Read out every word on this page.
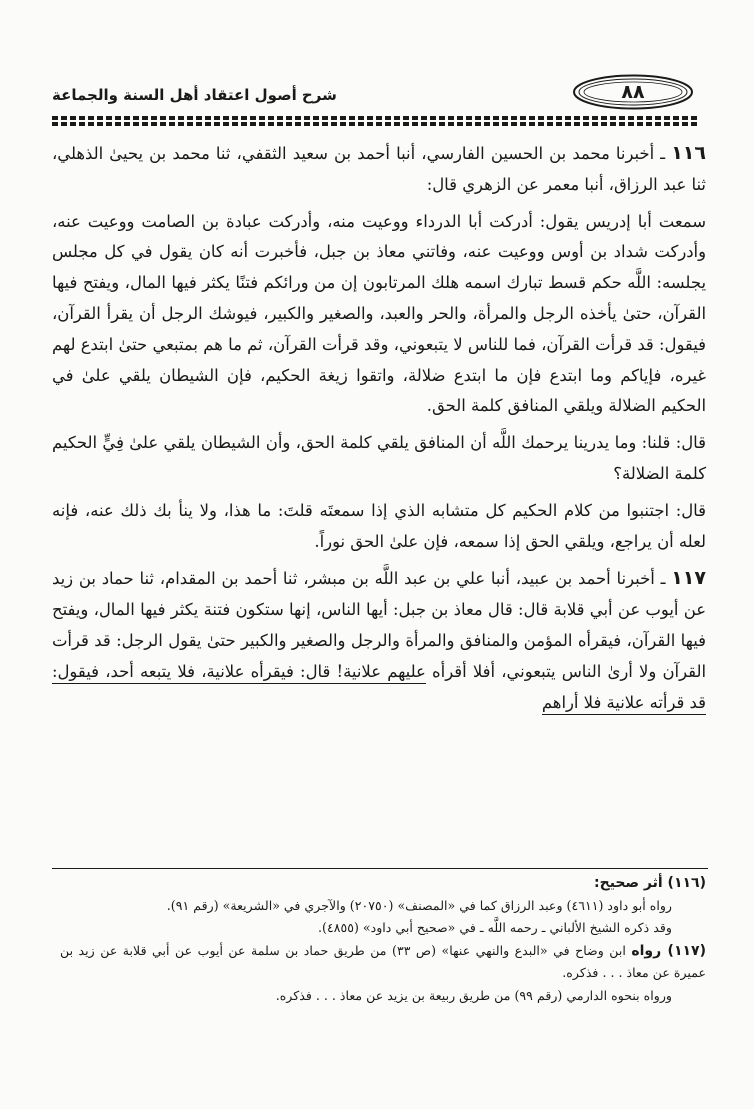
٨٨
شرح أصول اعتقاد أهل السنة والجماعة

١١٦ ـ أخبرنا محمد بن الحسين الفارسي، أنبا أحمد بن سعيد الثقفي، ثنا محمد بن يحيىٰ الذهلي، ثنا عبد الرزاق، أنبا معمر عن الزهري قال:

سمعت أبا إدريس يقول: أدركت أبا الدرداء ووعيت منه، وأدركت عبادة بن الصامت ووعيت عنه، وأدركت شداد بن أوس ووعيت عنه، وفاتني معاذ بن جبل، فأخبرت أنه كان يقول في كل مجلس يجلسه: اللَّه حكم قسط تبارك اسمه هلك المرتابون إن من ورائكم فتنًا يكثر فيها المال، ويفتح فيها القرآن، حتىٰ يأخذه الرجل والمرأة، والحر والعبد، والصغير والكبير، فيوشك الرجل أن يقرأ القرآن، فيقول: قد قرأت القرآن، فما للناس لا يتبعوني، وقد قرأت القرآن، ثم ما هم بمتبعي حتىٰ ابتدع لهم غيره، فإياكم وما ابتدع فإن ما ابتدع ضلالة، واتقوا زيغة الحكيم، فإن الشيطان يلقي علىٰ في الحكيم الضلالة ويلقي المنافق كلمة الحق.

قال: قلنا: وما يدرينا يرحمك اللَّه أن المنافق يلقي كلمة الحق، وأن الشيطان يلقي علىٰ فِيٍّ الحكيم كلمة الضلالة؟

قال: اجتنبوا من كلام الحكيم كل متشابه الذي إذا سمعتَه قلتَ: ما هذا، ولا ينأ بك ذلك عنه، فإنه لعله أن يراجع، ويلقي الحق إذا سمعه، فإن علىٰ الحق نوراً.

١١٧ ـ أخبرنا أحمد بن عبيد، أنبا علي بن عبد اللَّه بن مبشر، ثنا أحمد بن المقدام، ثنا حماد بن زيد عن أيوب عن أبي قلابة قال: قال معاذ بن جبل: أيها الناس، إنها ستكون فتنة يكثر فيها المال، ويفتح فيها القرآن، فيقرأه المؤمن والمنافق والمرأة والرجل والصغير والكبير حتىٰ يقول الرجل: قد قرأت القرآن ولا أرىٰ الناس يتبعوني، أفلا أقرأه عليهم علانية! قال: فيقرأه علانية، فلا يتبعه أحد، فيقول: قد قرأته علانية فلا أراهم

(١١٦) أثر صحيح:

رواه أبو داود (٤٦١١) وعبد الرزاق كما في «المصنف» (٢٠٧٥٠) والآجري في «الشريعة» (رقم ٩١).

وقد ذكره الشيخ الألباني ـ رحمه اللَّه ـ في «صحيح أبي داود» (٤٨٥٥).

(١١٧) رواه ابن وضاح في «البدع والنهي عنها» (ص ٣٣) من طريق حماد بن سلمة عن أيوب عن أبي قلابة عن زيد بن عميرة عن معاذ . . . فذكره.

ورواه بنحوه الدارمي (رقم ٩٩) من طريق ربيعة بن يزيد عن معاذ . . . فذكره.
